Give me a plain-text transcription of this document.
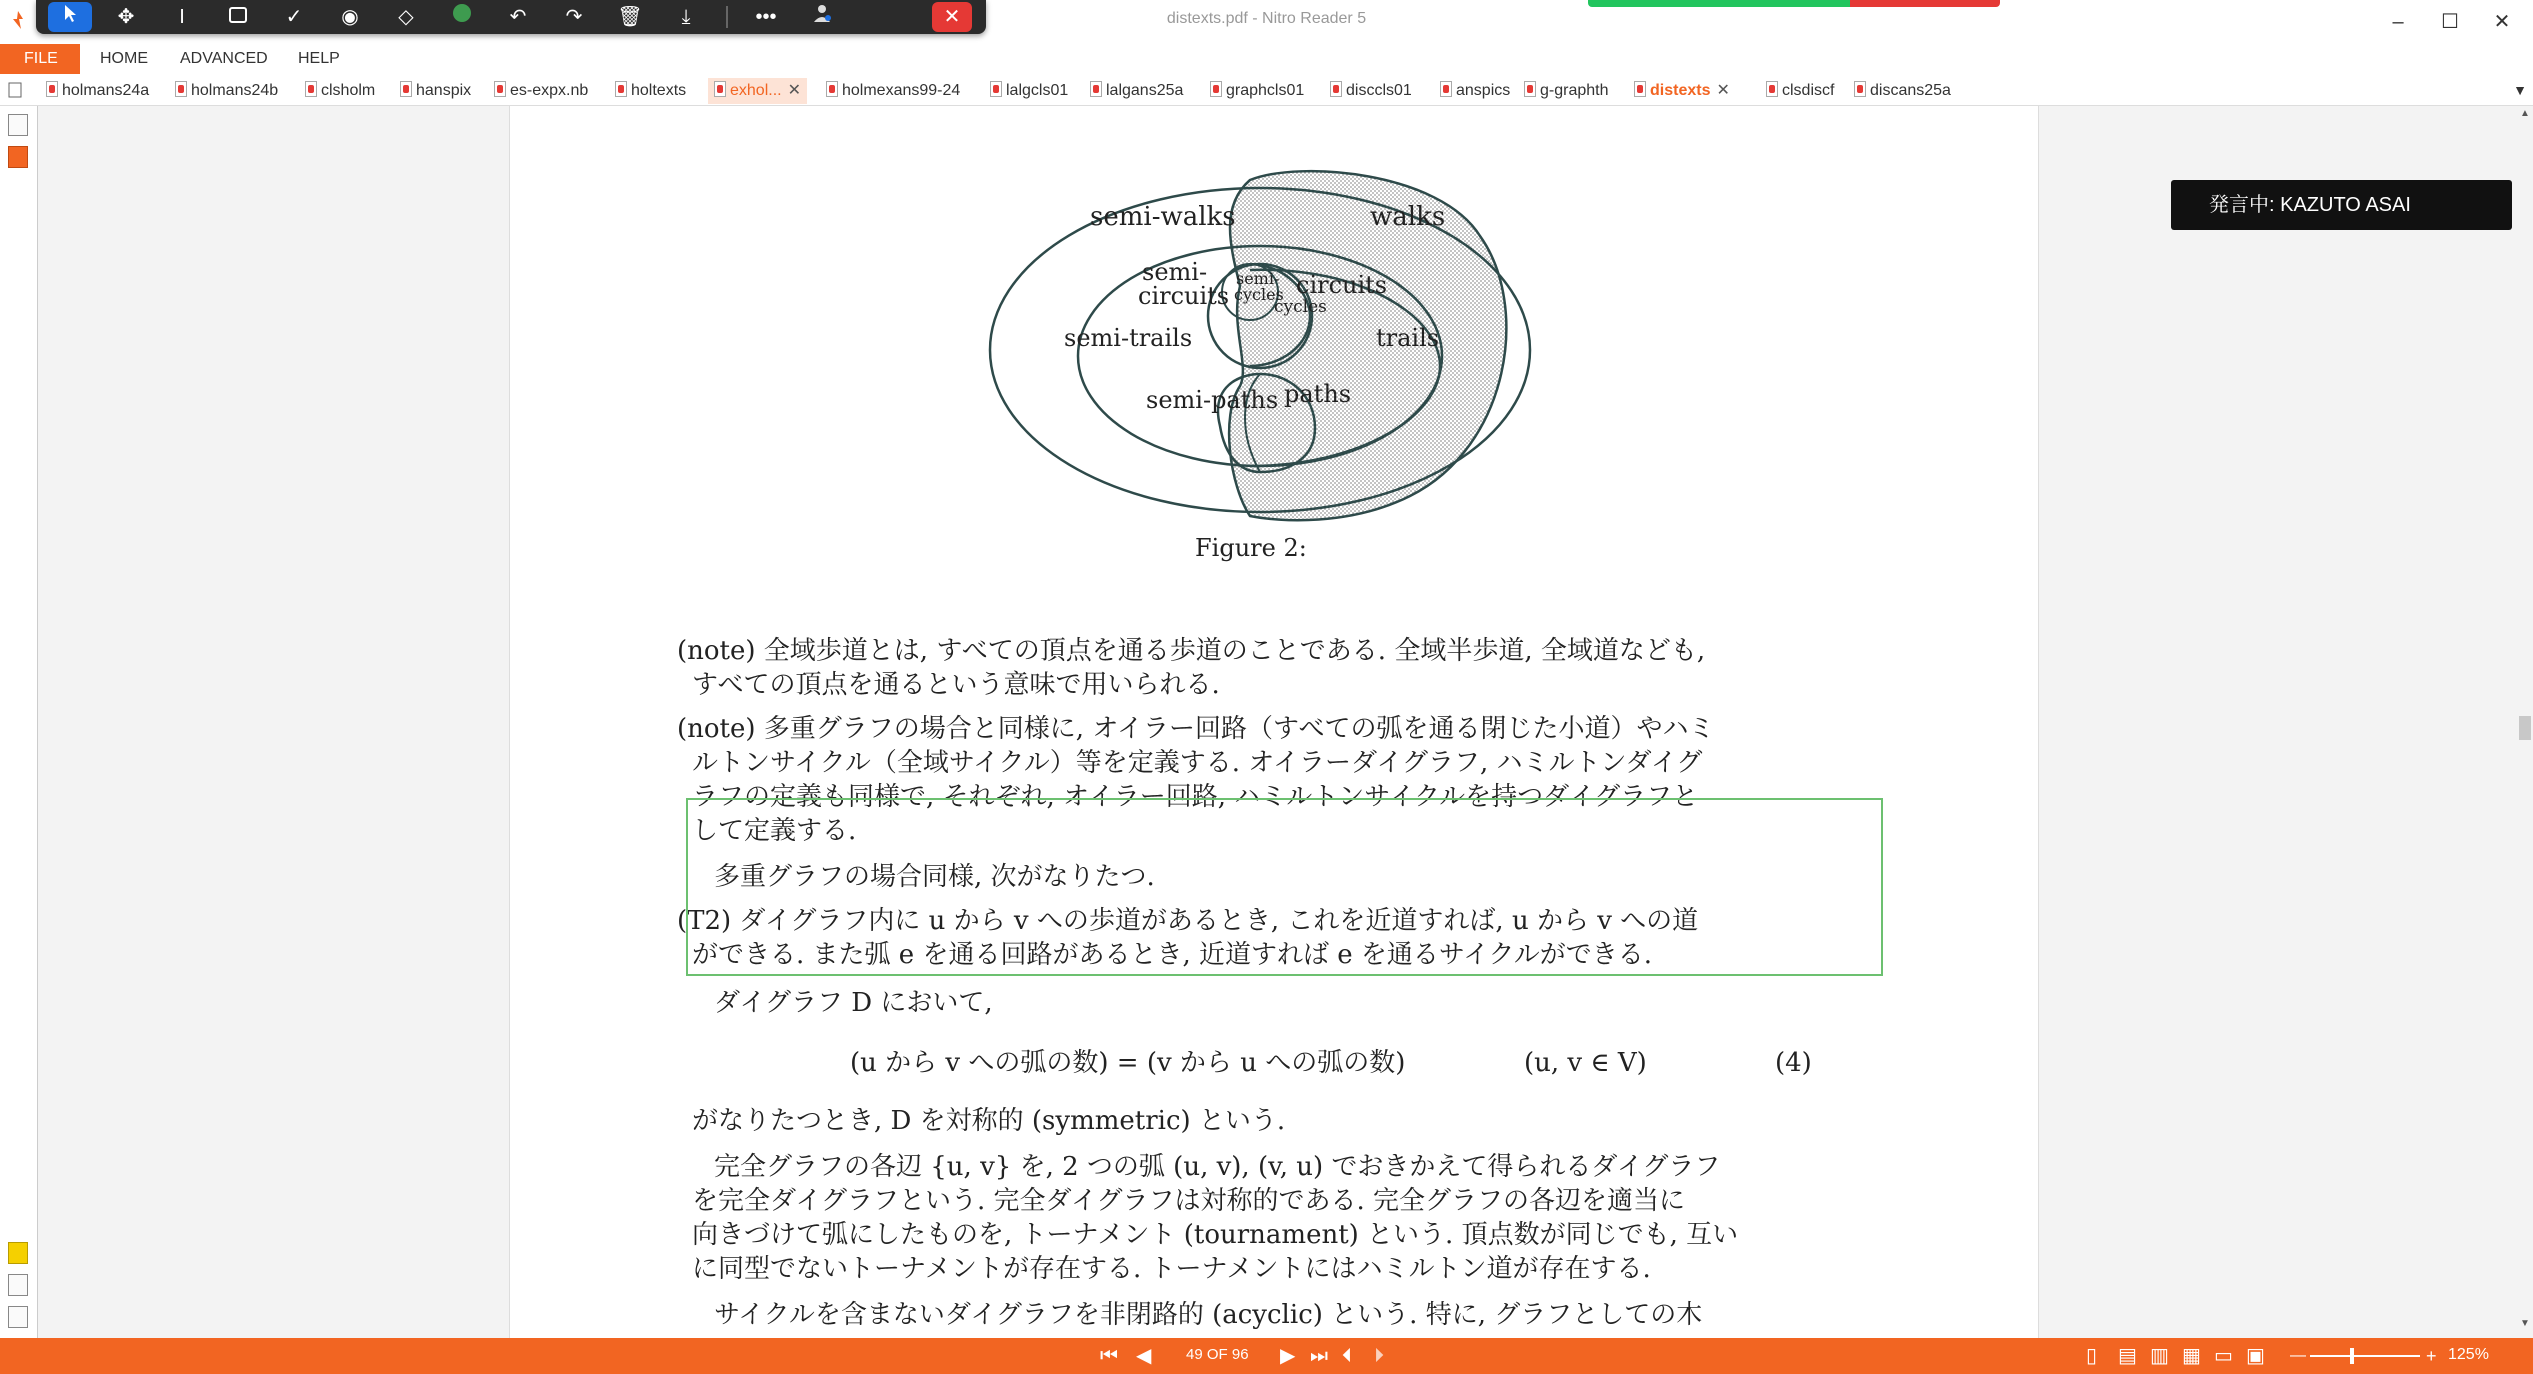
distexts.pdf - Nitro Reader 5	–	☐	✕
✥	I	✓	◉	◇	↶	↷	🗑	⤓	•••	✕
FILE	HOME ADVANCED HELP
holmans24a	holmans24b	clsholm	hanspix	es-expx.nb	holtexts	exhol... ✕	holmexans99-24	lalgcls01	lalgans25a	graphcls01	disccls01	anspics	g-graphth	distexts ✕	clsdiscf	discans25a	▼
semi-walks	walks
semi-
circuits
semi-
cycles
cycles
circuits
semi-trails	trails
semi-paths paths
Figure 2:
(note) 全域歩道とは, すべての頂点を通る歩道のことである. 全域半歩道, 全域道なども,
すべての頂点を通るという意味で用いられる.
(note) 多重グラフの場合と同様に, オイラー回路（すべての弧を通る閉じた小道）やハミ
ルトンサイクル（全域サイクル）等を定義する. オイラーダイグラフ, ハミルトンダイグ
ラフの定義も同様で, それぞれ, オイラー回路, ハミルトンサイクルを持つダイグラフと
して定義する.
多重グラフの場合同様, 次がなりたつ.
(T2) ダイグラフ内に u から v への歩道があるとき, これを近道すれば, u から v への道
ができる. また弧 e を通る回路があるとき, 近道すれば e を通るサイクルができる.
ダイグラフ D において,
(u から v への弧の数) = (v から u への弧の数)	(u, v ∈ V)	(4)
がなりたつとき, D を対称的 (symmetric) という.
完全グラフの各辺 {u, v} を, 2 つの弧 (u, v), (v, u) でおきかえて得られるダイグラフ
を完全ダイグラフという. 完全ダイグラフは対称的である. 完全グラフの各辺を適当に
向きづけて弧にしたものを, トーナメント (tournament) という. 頂点数が同じでも, 互い
に同型でないトーナメントが存在する. トーナメントにはハミルトン道が存在する.
サイクルを含まないダイグラフを非閉路的 (acyclic) という. 特に, グラフとしての木
発言中: KAZUTO ASAI
▲
▼
⏮ ◀ 49 OF 96 ▶ ⏭ ⏴ ⏵	▯ ▤ ▥ ▦ ▭ ▣ —	+ 125%
